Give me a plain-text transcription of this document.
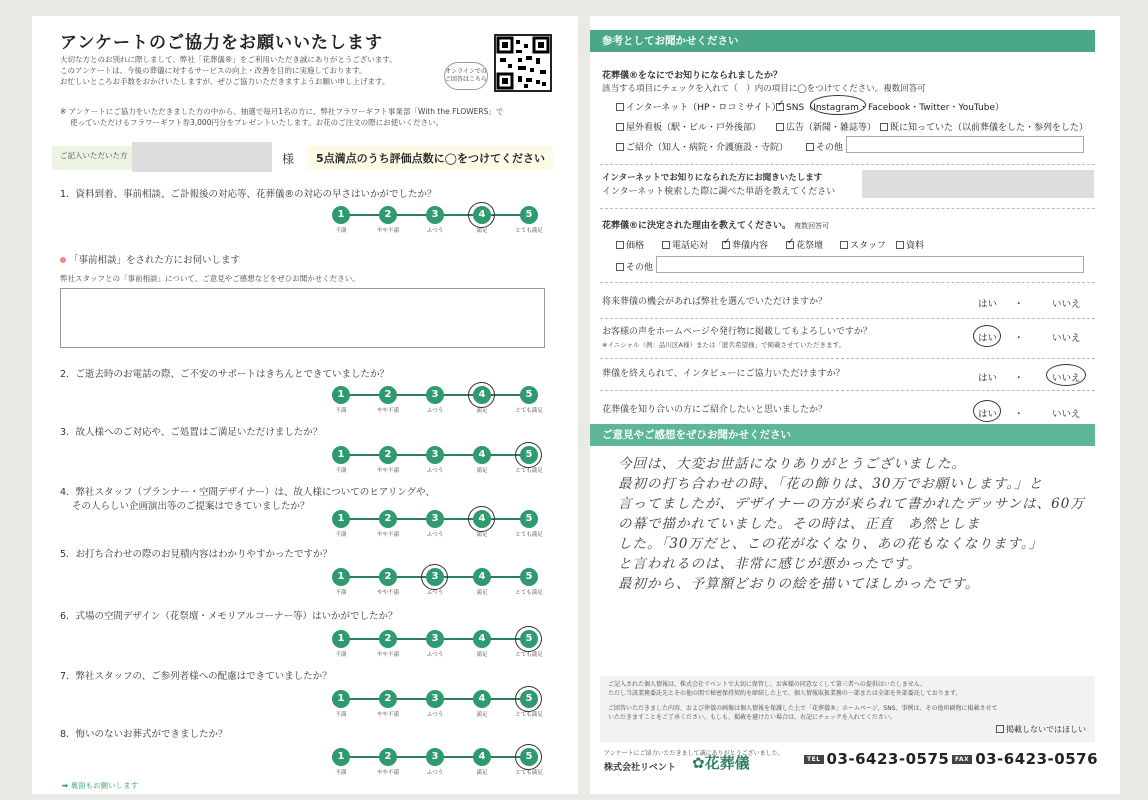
アンケートのご協力をお願いいたします
大切な方とのお別れに際しまして、弊社「花葬儀®」をご利用いただき誠にありがとうございます。
このアンケートは、今後の葬儀に対するサービスの向上・改善を目的に実施しております。
お忙しいところお手数をおかけいたしますが、ぜひご協力いただきますようお願い申し上げます。
オンラインでのご回答はこちら
※ アンケートにご協力をいただきました方の中から、抽選で毎月1名の方に、弊社フラワーギフト事業部「With the FLOWERS」で
使っていただけるフラワーギフト券3,000円分をプレゼントいたします。お花のご注文の際にお使いください。
ご記入いただいた方	様	5点満点のうち評価点数に◯をつけてください
1．資料到着、事前相談、ご訃報後の対応等、花葬儀®の対応の早さはいかがでしたか？
1
不満
2
やや不満
3
ふつう
4
満足
5
とても満足
「事前相談」をされた方にお伺いします
弊社スタッフとの「事前相談」について、ご意見やご感想などをぜひお聞かせください。
2．ご逝去時のお電話の際、ご不安のサポートはきちんとできていましたか？
1
不満
2
やや不満
3
ふつう
4
満足
5
とても満足
3．故人様へのご対応や、ご処置はご満足いただけましたか？
1
不満
2
やや不満
3
ふつう
4
満足
5
とても満足
4．弊社スタッフ（プランナー・空間デザイナー）は、故人様についてのヒアリングや、
その人らしい企画演出等のご提案はできていましたか？
1
不満
2
やや不満
3
ふつう
4
満足
5
とても満足
5．お打ち合わせの際のお見積内容はわかりやすかったですか？
1
不満
2
やや不満
3
ふつう
4
満足
5
とても満足
6．式場の空間デザイン（花祭壇・メモリアルコーナー等）はいかがでしたか？
1
不満
2
やや不満
3
ふつう
4
満足
5
とても満足
7．弊社スタッフの、ご参列者様への配慮はできていましたか？
1
不満
2
やや不満
3
ふつう
4
満足
5
とても満足
8．悔いのないお葬式ができましたか？
1
不満
2
やや不満
3
ふつう
4
満足
5
とても満足
➡ 裏面もお願いします
参考としてお聞かせください
花葬儀®をなにでお知りになられましたか？
該当する項目にチェックを入れて（　）内の項目に◯をつけてください。複数回答可
インターネット（HP・ロコミサイト） ✓ SNS（Instagram・Facebook・Twitter・YouTube）
屋外看板（駅・ビル・戸外後部）	広告（新聞・雑誌等）	既に知っていた（以前葬儀をした・参列をした）
ご紹介（知人・病院・介護施設・寺院）	その他
インターネットでお知りになられた方にお聞きいたします
インターネット検索した際に調べた単語を教えてください
花葬儀®に決定された理由を教えてください。 複数回答可
価格	電話応対 ✓	葬儀内容 ✓	花祭壇	スタッフ	資料
その他
将来葬儀の機会があれば弊社を選んでいただけますか？	はい ・	いいえ
お客様の声をホームページや発行物に掲載してもよろしいですか？
※イニシャル（例：品川区A様）または「匿名希望様」で掲載させていただきます。
はい ・	いいえ
葬儀を終えられて、インタビューにご協力いただけますか？	はい ・	いいえ
花葬儀を知り合いの方にご紹介したいと思いましたか？	はい ・	いいえ
ご意見やご感想をぜひお聞かせください
今回は、大変お世話になりありがとうございました。
最初の打ち合わせの時、「花の飾りは、30万でお願いします。」と
言ってましたが、デザイナーの方が来られて書かれたデッサンは、60万
の幕で描かれていました。その時は、正直　あ然としま
した。「30万だと、この花がなくなり、あの花もなくなります。」
と言われるのは、非常に感じが悪かったです。
最初から、予算額どおりの絵を描いてほしかったです。
ご記入された個人情報は、株式会社リベントで大切に保管し、お客様の同意なくして第三者への提供はいたしません。
ただし当該業務委託先とその他の関で秘密保持契約を締結した上で、個人情報取扱業務の一部または全部を外部委託しております。
ご回答いただきました内容、および葬儀の画像は個人情報を保護した上で「花葬儀®」ホームページ、SNS、事例は、その他印刷物に掲載させて
いただきますことをご了承ください。もしも、掲載を避けたい場合は、右記にチェックを入れてください。
掲載しないではほしい
アンケートにご協力いただきまして誠にありがとうございました。
株式会社リベント ✿花葬儀	TEL 03-6423-0575 FAX 03-6423-0576
